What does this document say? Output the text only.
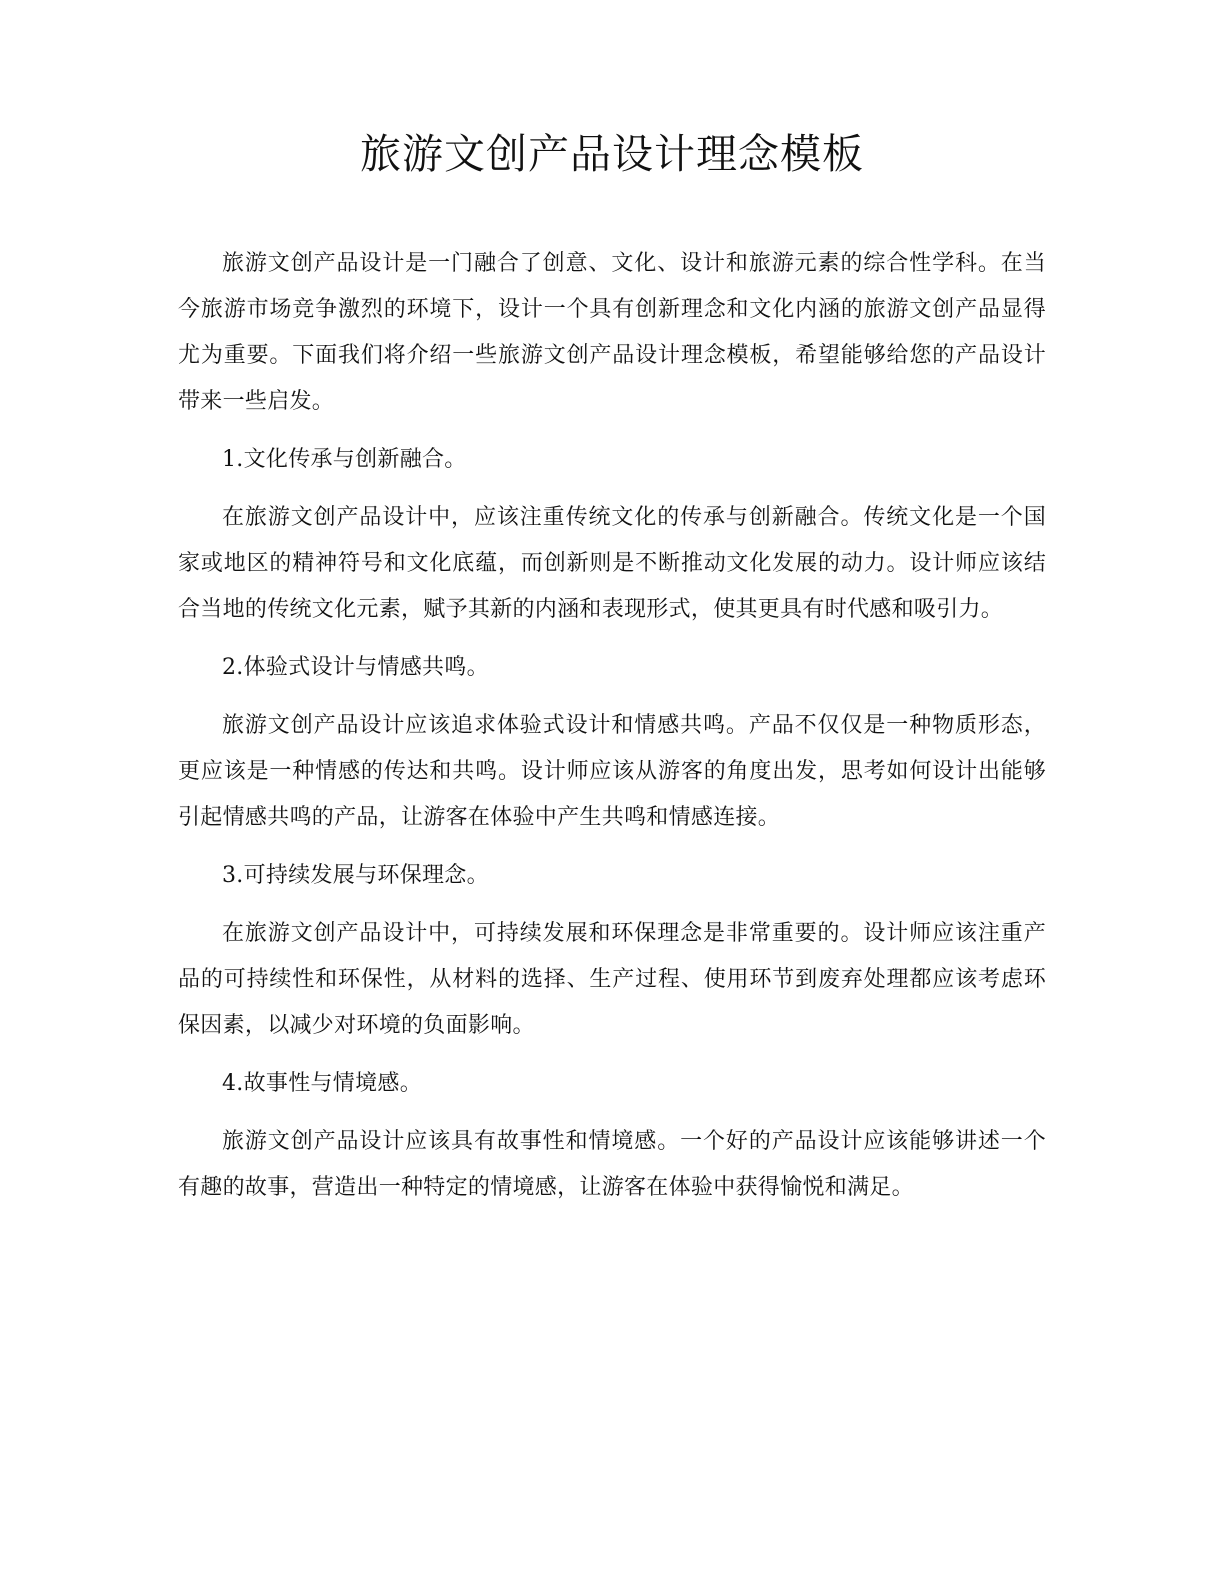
旅游文创产品设计理念模板

旅游文创产品设计是一门融合了创意、文化、设计和旅游元素的综合性学科。在当今旅游市场竞争激烈的环境下，设计一个具有创新理念和文化内涵的旅游文创产品显得尤为重要。下面我们将介绍一些旅游文创产品设计理念模板，希望能够给您的产品设计带来一些启发。

1.文化传承与创新融合。

在旅游文创产品设计中，应该注重传统文化的传承与创新融合。传统文化是一个国家或地区的精神符号和文化底蕴，而创新则是不断推动文化发展的动力。设计师应该结合当地的传统文化元素，赋予其新的内涵和表现形式，使其更具有时代感和吸引力。

2.体验式设计与情感共鸣。

旅游文创产品设计应该追求体验式设计和情感共鸣。产品不仅仅是一种物质形态，更应该是一种情感的传达和共鸣。设计师应该从游客的角度出发，思考如何设计出能够引起情感共鸣的产品，让游客在体验中产生共鸣和情感连接。

3.可持续发展与环保理念。

在旅游文创产品设计中，可持续发展和环保理念是非常重要的。设计师应该注重产品的可持续性和环保性，从材料的选择、生产过程、使用环节到废弃处理都应该考虑环保因素，以减少对环境的负面影响。

4.故事性与情境感。

旅游文创产品设计应该具有故事性和情境感。一个好的产品设计应该能够讲述一个有趣的故事，营造出一种特定的情境感，让游客在体验中获得愉悦和满足。
